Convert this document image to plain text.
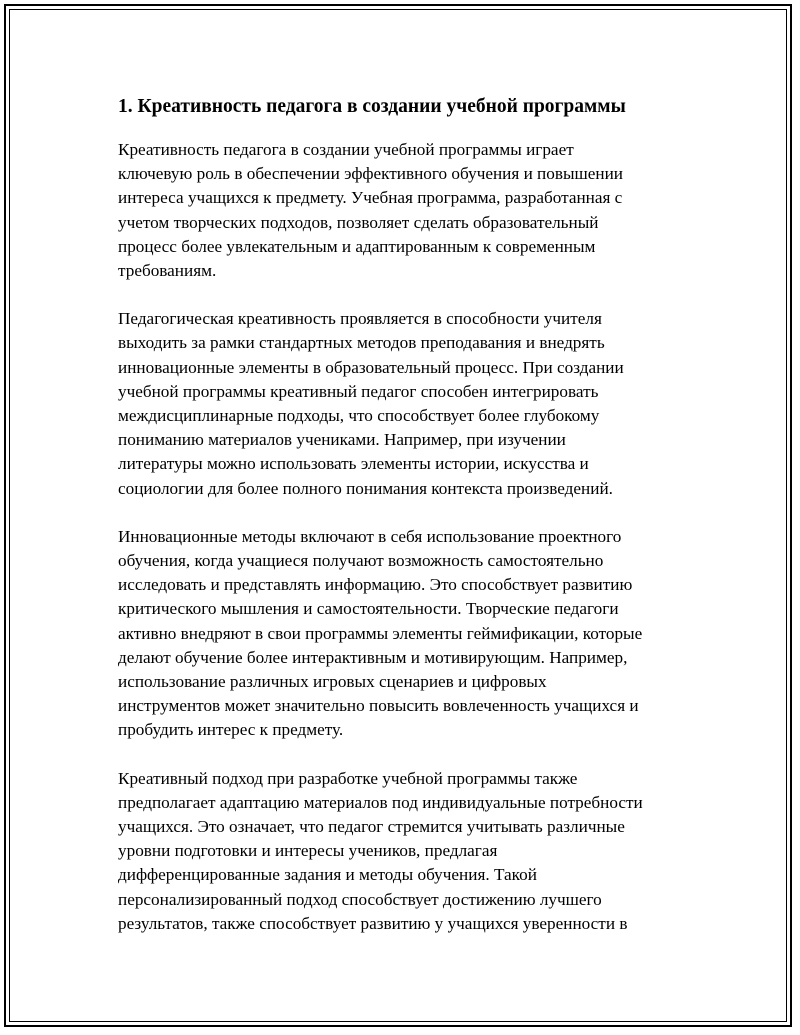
1. Креативность педагога в создании учебной программы
Креативность педагога в создании учебной программы играет
ключевую роль в обеспечении эффективного обучения и повышении
интереса учащихся к предмету. Учебная программа, разработанная с
учетом творческих подходов, позволяет сделать образовательный
процесс более увлекательным и адаптированным к современным
требованиям.
Педагогическая креативность проявляется в способности учителя
выходить за рамки стандартных методов преподавания и внедрять
инновационные элементы в образовательный процесс. При создании
учебной программы креативный педагог способен интегрировать
междисциплинарные подходы, что способствует более глубокому
пониманию материалов учениками. Например, при изучении
литературы можно использовать элементы истории, искусства и
социологии для более полного понимания контекста произведений.
Инновационные методы включают в себя использование проектного
обучения, когда учащиеся получают возможность самостоятельно
исследовать и представлять информацию. Это способствует развитию
критического мышления и самостоятельности. Творческие педагоги
активно внедряют в свои программы элементы геймификации, которые
делают обучение более интерактивным и мотивирующим. Например,
использование различных игровых сценариев и цифровых
инструментов может значительно повысить вовлеченность учащихся и
пробудить интерес к предмету.
Креативный подход при разработке учебной программы также
предполагает адаптацию материалов под индивидуальные потребности
учащихся. Это означает, что педагог стремится учитывать различные
уровни подготовки и интересы учеников, предлагая
дифференцированные задания и методы обучения. Такой
персонализированный подход способствует достижению лучшего
результатов, также способствует развитию у учащихся уверенности в
